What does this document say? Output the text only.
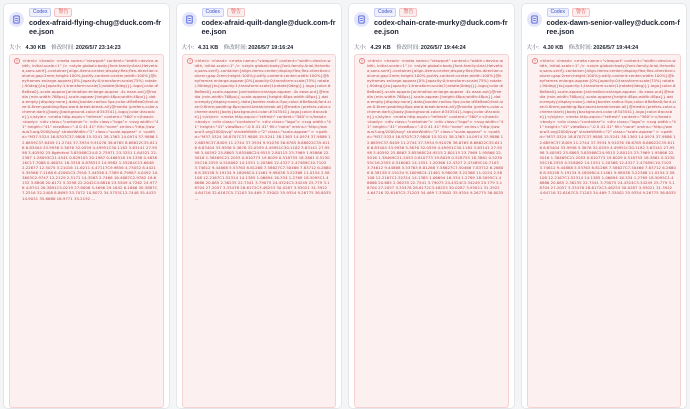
Codex	警告
codex-afraid-flying-chug@duck.com-free.json
大小: 4.30 KB 修改时间:2026/5/7 23:14:23
<html> <head> <meta name="viewport" content="width=device-width, initial-scale=1" /> <style global>body{font-family:Arial,Helvetica,sans-serif}.container{align-items:center;display:flex;flex-direction:column;gap:2rem;height:100%;justify-content:center;width:100%}@keyframes enlarge-appear{0%{opacity:0;transform:scale(75%) rotate(-90deg)}to{opacity:1;transform:scale(1)rotate(0deg)}}.logo{color:#8e8ea0}.scale-appear{animation:enlarge-appear .4s ease-out}@media (min-width:768px){.scale-appear{height:48px;width:48px}}.data:empty{display:none}.data{border-radius:5px;color:#8e8ea0;font-size:0.8rem;padding:8px;word-break:break-all}@media (prefers-color-scheme:dark){body{background-color:#343541}.logo{color:#acacbe}}</style> <meta http-equiv="refresh" content="360"></head> <body> <div class="container"> <div class="logo"> <svg width="41" height="41" viewBox="-0 0 41 41" fill="none" xmlns="http://www.w3.org/2000/svg" strokeWidth="2" class="scale-appear" > <path d="M37.5324 16.8707C37.9808 15.5241 38.1363 14.0974 37.9886 12.6859C37.8409 11.2744 37.3934 9.91076 36.6765 8.68622C35.6116 6.83404 33.9936 5.3676 32.0559 4.49951C30.1182 3.63141 27.9598 3.40592 25.8général 3.85568C24.8 2.75971 23.3251 1.84521 22.2387 1.28093C21.4541 0.829105 20.1987 0.466316 19.1358 0.463816C17.7088 0.46031 16.3318 0.878513 14.9982 1.55264C13.6648 2.22677 12.5075 3.21016 11.6211 4.47117C9.9856 4.73052 8.4421 5.39566 7.1168 6.42061C5.7916 7.44556 4.7389 8.79987 4.0492 10.3603C2.9747 12.2129 2.5171 14.3583 2.7466 16.4867C2.9762 18.6152 3.8808 20.6172 5.3298 22.2042C4.8816 23.5509 4.7262 24.9776 4.8741 26.3891C5.0219 27.8006 5.4696 29.1642 6.1866 30.3887C7.2516 32.2408 8.8695 33.7072 10.8072 34.5753C12.7448 35.4433 14.9031 35.6688 16.9771 35.2192 ...
Codex	警告
codex-afraid-quilt-dangle@duck.com-free.json
大小: 4.31 KB 修改时间:2026/5/7 19:16:24
<html> <head> <meta name="viewport" content="width=device-width, initial-scale=1" /> <style global>body{font-family:Arial,Helvetica,sans-serif}.container{align-items:center;display:flex;flex-direction:column;gap:2rem;height:100%;justify-content:center;width:100%}@keyframes enlarge-appear{0%{opacity:0;transform:scale(75%) rotate(-90deg)}to{opacity:1;transform:scale(1)rotate(0deg)}}.logo{color:#8e8ea0}.scale-appear{animation:enlarge-appear .4s ease-out}@media (min-width:768px){.scale-appear{height:48px;width:48px}}.data:empty{display:none}.data{border-radius:5px;color:#8e8ea0;font-size:0.8rem;padding:8px;word-break:break-all}@media (prefers-color-scheme:dark){body{background-color:#343541}.logo{color:#acacbe}}</style> <meta http-equiv="refresh" content="360"></head> <body> <div class="container"> <div class="logo"> <svg width="41" height="41" viewBox="-0 0 41 41" fill="none" xmlns="http://www.w3.org/2000/svg" strokeWidth="2" class="scale-appear" > <path d="M37.5324 16.8707C37.9808 15.5241 38.1363 14.0974 37.9886 12.6859C37.8409 11.2744 37.3934 9.91076 36.6765 8.68622C35.6116 6.83404 33.9936 5.3676 32.0559 4.49951C30.1182 3.63141 27.9598 3.40592 25.8863 3.85568C24.9515 2.80115 23.7969 1.95866 22.5016 1.38469C21.2053 0.810773 19.8029 0.518755 18.3861 0.523055C16.2555 0.518062 14.1551 1.20366 12.4327 2.47489C10.7103 3.74612 9.44868 5.53763 8.81268 7.58627C7.50466 7.83712 6.26806 8.38158 5.19134 9.18098C4.11461 9.98038 3.22368 11.0154 2.58108 12.2167C1.52314 14.1385 1.06694 16.334 1.2769 18.5095C1.48686 20.685 2.36235 22.7541 3.79075 24.4324C3.34249 25.779 3.18704 27.2057 3.33478 28.6172C3.48253 30.0287 3.93021 31.3922 4.64716 32.6167C5.71203 34.469 7.33002 35.9354 9.26775 36.8035 ...
Codex	警告
codex-chain-crate-murky@duck.com-free.json
大小: 4.29 KB 修改时间:2026/5/7 19:44:24
<html> <head> <meta name="viewport" content="width=device-width, initial-scale=1" /> <style global>body{font-family:Arial,Helvetica,sans-serif}.container{align-items:center;display:flex;flex-direction:column;gap:2rem;height:100%;justify-content:center;width:100%}@keyframes enlarge-appear{0%{opacity:0;transform:scale(75%) rotate(-90deg)}to{opacity:1;transform:scale(1)rotate(0deg)}}.logo{color:#8e8ea0}.scale-appear{animation:enlarge-appear .4s ease-out}@media (min-width:768px){.scale-appear{height:48px;width:48px}}.data:empty{display:none}.data{border-radius:5px;color:#8e8ea0;font-size:0.8rem;padding:8px;word-break:break-all}@media (prefers-color-scheme:dark){body{background-color:#343541}.logo{color:#acacbe}}</style> <meta http-equiv="refresh" content="360"></head> <body> <div class="container"> <div class="logo"> <svg width="41" height="41" viewBox="-0 0 41 41" fill="none" xmlns="http://www.w3.org/2000/svg" strokeWidth="2" class="scale-appear" > <path d="M37.5324 16.8707C37.9808 15.5241 38.1363 14.0974 37.9886 12.6859C37.8409 11.2744 37.3934 9.91076 36.6765 8.68622C35.6116 6.83404 33.9936 5.3676 32.0559 4.49951C30.1182 3.63141 27.9598 3.40592 25.8863 3.85568C24.9515 2.80115 23.7969 1.95866 22.5016 1.38469C21.2053 0.810773 19.8029 0.518755 18.3861 0.523055C16.2555 0.518062 14.1551 1.20366 12.4327 2.47489C10.7103 3.74612 9.44868 5.53763 8.81268 7.58627C7.50466 7.83712 6.26806 8.38158 5.19134 9.18098C4.11461 9.98038 3.22368 11.0154 2.58108 12.2167C1.52314 14.1385 1.06694 16.334 1.2769 18.5095C1.48686 20.685 2.36235 22.7541 3.79075 24.4324C3.34249 25.779 3.18704 27.2057 3.33478 28.6172C3.48253 30.0287 3.93021 31.3922 4.64716 32.6167C5.71203 34.469 7.33002 35.9354 9.26775 36.8035 ...
Codex	警告
codex-dawn-senior-valley@duck.com-free.json
大小: 4.30 KB 修改时间:2026/5/7 19:44:24
<html> <head> <meta name="viewport" content="width=device-width, initial-scale=1" /> <style global>body{font-family:Arial,Helvetica,sans-serif}.container{align-items:center;display:flex;flex-direction:column;gap:2rem;height:100%;justify-content:center;width:100%}@keyframes enlarge-appear{0%{opacity:0;transform:scale(75%) rotate(-90deg)}to{opacity:1;transform:scale(1)rotate(0deg)}}.logo{color:#8e8ea0}.scale-appear{animation:enlarge-appear .4s ease-out}@media (min-width:768px){.scale-appear{height:48px;width:48px}}.data:empty{display:none}.data{border-radius:5px;color:#8e8ea0;font-size:0.8rem;padding:8px;word-break:break-all}@media (prefers-color-scheme:dark){body{background-color:#343541}.logo{color:#acacbe}}</style> <meta http-equiv="refresh" content="360"></head> <body> <div class="container"> <div class="logo"> <svg width="41" height="41" viewBox="-0 0 41 41" fill="none" xmlns="http://www.w3.org/2000/svg" strokeWidth="2" class="scale-appear" > <path d="M37.5324 16.8707C37.9808 15.5241 38.1363 14.0974 37.9886 12.6859C37.8409 11.2744 37.3934 9.91076 36.6765 8.68622C35.6116 6.83404 33.9936 5.3676 32.0559 4.49951C30.1182 3.63141 27.9598 3.40592 25.8863 3.85568C24.9515 2.80115 23.7969 1.95866 22.5016 1.38469C21.2053 0.810773 19.8029 0.518755 18.3861 0.523055C16.2555 0.518062 14.1551 1.20366 12.4327 2.47489C10.7103 3.74612 9.44868 5.53763 8.81268 7.58627C7.50466 7.83712 6.26806 8.38158 5.19134 9.18098C4.11461 9.98038 3.22368 11.0154 2.58108 12.2167C1.52314 14.1385 1.06694 16.334 1.2769 18.5095C1.48686 20.685 2.36235 22.7541 3.79075 24.4324C3.34249 25.779 3.18704 27.2057 3.33478 28.6172C3.48253 30.0287 3.93021 31.3922 4.64716 32.6167C5.71203 34.469 7.33002 35.9354 9.26775 36.8035 ...
